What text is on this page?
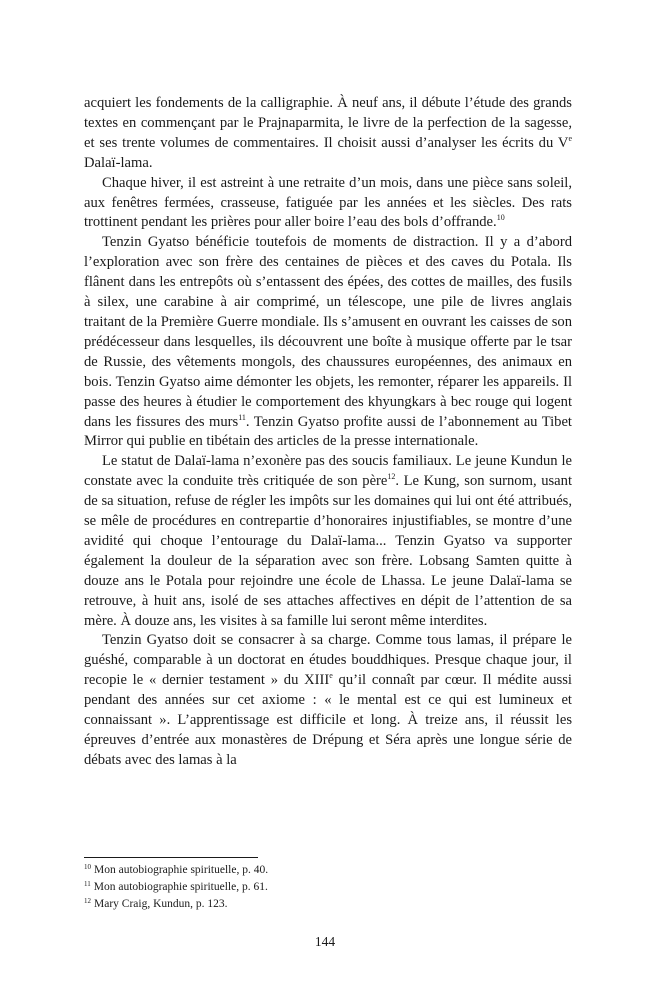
acquiert les fondements de la calligraphie. À neuf ans, il débute l’étude des grands textes en commençant par le Prajnaparmita, le livre de la perfection de la sagesse, et ses trente volumes de commentaires. Il choisit aussi d’analyser les écrits du Ve Dalaï-lama.

Chaque hiver, il est astreint à une retraite d’un mois, dans une pièce sans soleil, aux fenêtres fermées, crasseuse, fatiguée par les années et les siècles. Des rats trottinent pendant les prières pour aller boire l’eau des bols d’offrande.$^{10}$

Tenzin Gyatso bénéficie toutefois de moments de distraction. Il y a d’abord l’exploration avec son frère des centaines de pièces et des caves du Potala. Ils flânent dans les entrepôts où s’entassent des épées, des cottes de mailles, des fusils à silex, une carabine à air comprimé, un télescope, une pile de livres anglais traitant de la Première Guerre mondiale. Ils s’amusent en ouvrant les caisses de son prédécesseur dans lesquelles, ils découvrent une boîte à musique offerte par le tsar de Russie, des vêtements mongols, des chaussures européennes, des animaux en bois. Tenzin Gyatso aime démonter les objets, les remonter, réparer les appareils. Il passe des heures à étudier le comportement des khyungkars à bec rouge qui logent dans les fissures des murs$^{11}$. Tenzin Gyatso profite aussi de l’abonnement au Tibet Mirror qui publie en tibétain des articles de la presse internationale.

Le statut de Dalaï-lama n’exonère pas des soucis familiaux. Le jeune Kundun le constate avec la conduite très critiquée de son père$^{12}$. Le Kung, son surnom, usant de sa situation, refuse de régler les impôts sur les domaines qui lui ont été attribués, se mêle de procédures en contrepartie d’honoraires injustifiables, se montre d’une avidité qui choque l’entourage du Dalaï-lama... Tenzin Gyatso va supporter également la douleur de la séparation avec son frère. Lobsang Samten quitte à douze ans le Potala pour rejoindre une école de Lhassa. Le jeune Dalaï-lama se retrouve, à huit ans, isolé de ses attaches affectives en dépit de l’attention de sa mère. À douze ans, les visites à sa famille lui seront même interdites.

Tenzin Gyatso doit se consacrer à sa charge. Comme tous lamas, il prépare le guéshé, comparable à un doctorat en études bouddhiques. Presque chaque jour, il recopie le « dernier testament » du XIIIe qu’il connaît par cœur. Il médite aussi pendant des années sur cet axiome : « le mental est ce qui est lumineux et connaissant ». L’apprentissage est difficile et long. À treize ans, il réussit les épreuves d’entrée aux monastères de Drépung et Séra après une longue série de débats avec des lamas à la

$^{10}$ Mon autobiographie spirituelle, p. 40.
$^{11}$ Mon autobiographie spirituelle, p. 61.
$^{12}$ Mary Craig, Kundun, p. 123.
144
